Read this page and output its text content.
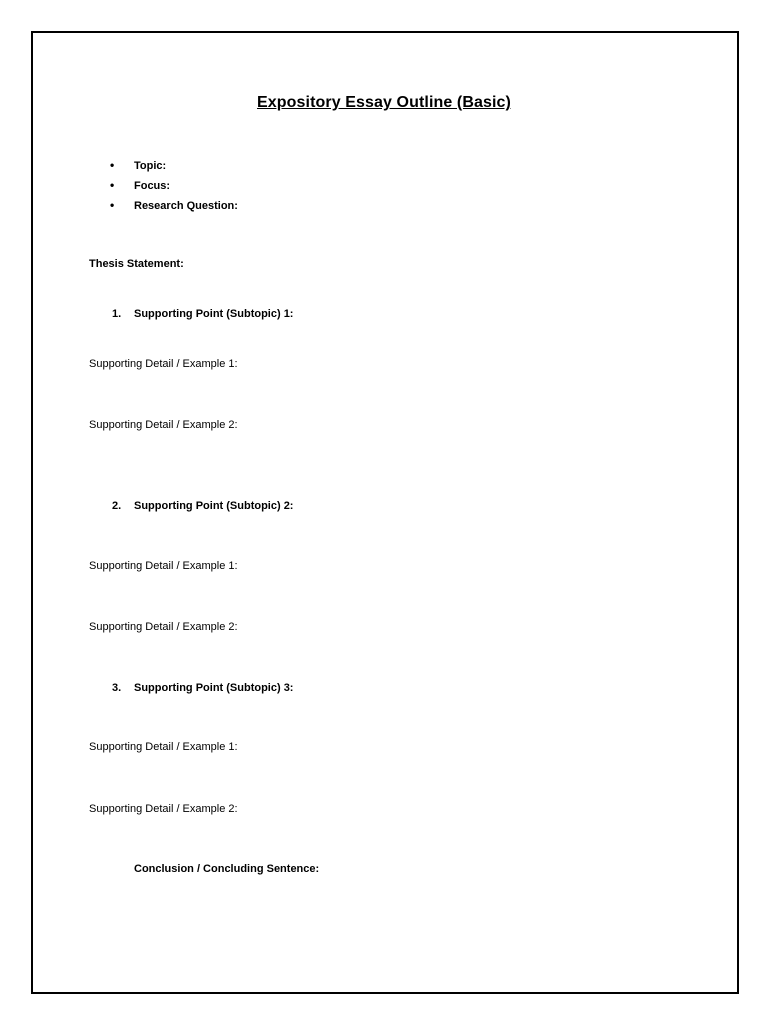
Expository Essay Outline (Basic)
• Topic:
• Focus:
• Research Question:
Thesis Statement:
1. Supporting Point (Subtopic) 1:
Supporting Detail / Example 1:
Supporting Detail / Example 2:
2. Supporting Point (Subtopic) 2:
Supporting Detail / Example 1:
Supporting Detail / Example 2:
3. Supporting Point (Subtopic) 3:
Supporting Detail / Example 1:
Supporting Detail / Example 2:
Conclusion / Concluding Sentence:
